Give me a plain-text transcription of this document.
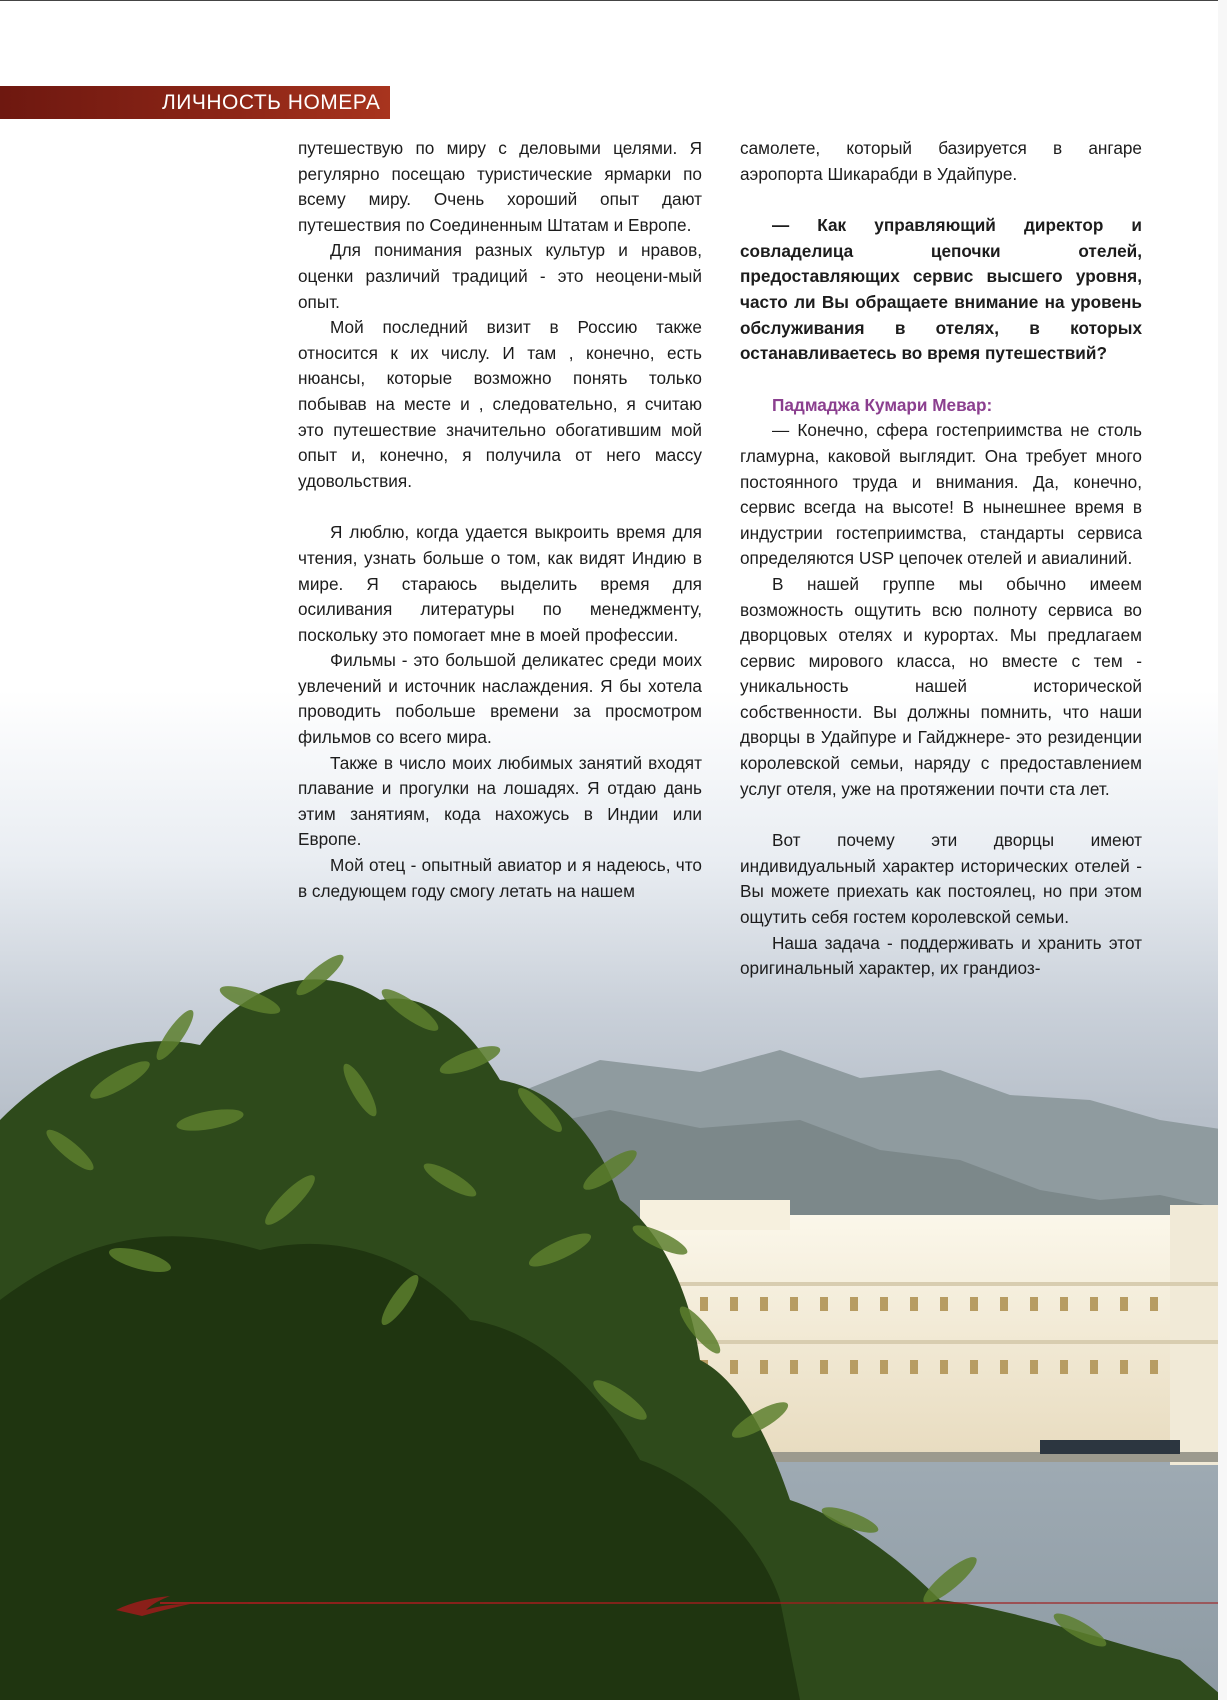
ЛИЧНОСТЬ НОМЕРА

путешествую по миру с деловыми целями. Я регулярно посещаю туристические ярмарки по всему миру. Очень хороший опыт дают путешествия по Соединенным Штатам и Европе.

Для понимания разных культур и нравов, оценки различий традиций - это неоцени-мый опыт.

Мой последний визит в Россию также относится к их числу. И там , конечно, есть нюансы, которые возможно понять только побывав на месте и , следовательно, я считаю это путешествие значительно обогатившим мой опыт и, конечно, я получила от него массу удовольствия.

Я люблю, когда удается выкроить время для чтения, узнать больше о том, как видят Индию в мире. Я стараюсь выделить время для осиливания литературы по менеджменту, поскольку это помогает мне в моей профессии.

Фильмы - это большой деликатес среди моих увлечений и источник наслаждения. Я бы хотела проводить побольше времени за просмотром фильмов со всего мира.

Также в число моих любимых занятий входят плавание и прогулки на лошадях. Я отдаю дань этим занятиям, кода нахожусь в Индии или Европе.

Мой отец - опытный авиатор и я надеюсь, что в следующем году смогу летать на нашем

самолете, который базируется в ангаре аэропорта Шикарабди в Удайпуре.

— Как управляющий директор и совладелица цепочки отелей, предоставляющих сервис высшего уровня, часто ли Вы обращаете внимание на уровень обслуживания в отелях, в которых останавливаетесь во время путешествий?

Падмаджа Кумари Мевар:

— Конечно, сфера гостеприимства не столь гламурна, каковой выглядит. Она требует много постоянного труда и внимания. Да, конечно, сервис всегда на высоте! В нынешнее время в индустрии гостеприимства, стандарты сервиса определяются USP цепочек отелей и авиалиний.

В нашей группе мы обычно имеем возможность ощутить всю полноту сервиса во дворцовых отелях и курортах. Мы предлагаем сервис мирового класса, но вместе с тем - уникальность нашей исторической собственности. Вы должны помнить, что наши дворцы в Удайпуре и Гайджнере- это резиденции королевской семьи, наряду с предоставлением услуг отеля, уже на протяжении почти ста лет.

Вот почему эти дворцы имеют индивидуальный характер исторических отелей - Вы можете приехать как постоялец, но при этом ощутить себя гостем королевской семьи.

Наша задача - поддерживать и хранить этот оригинальный характер, их грандиоз-
